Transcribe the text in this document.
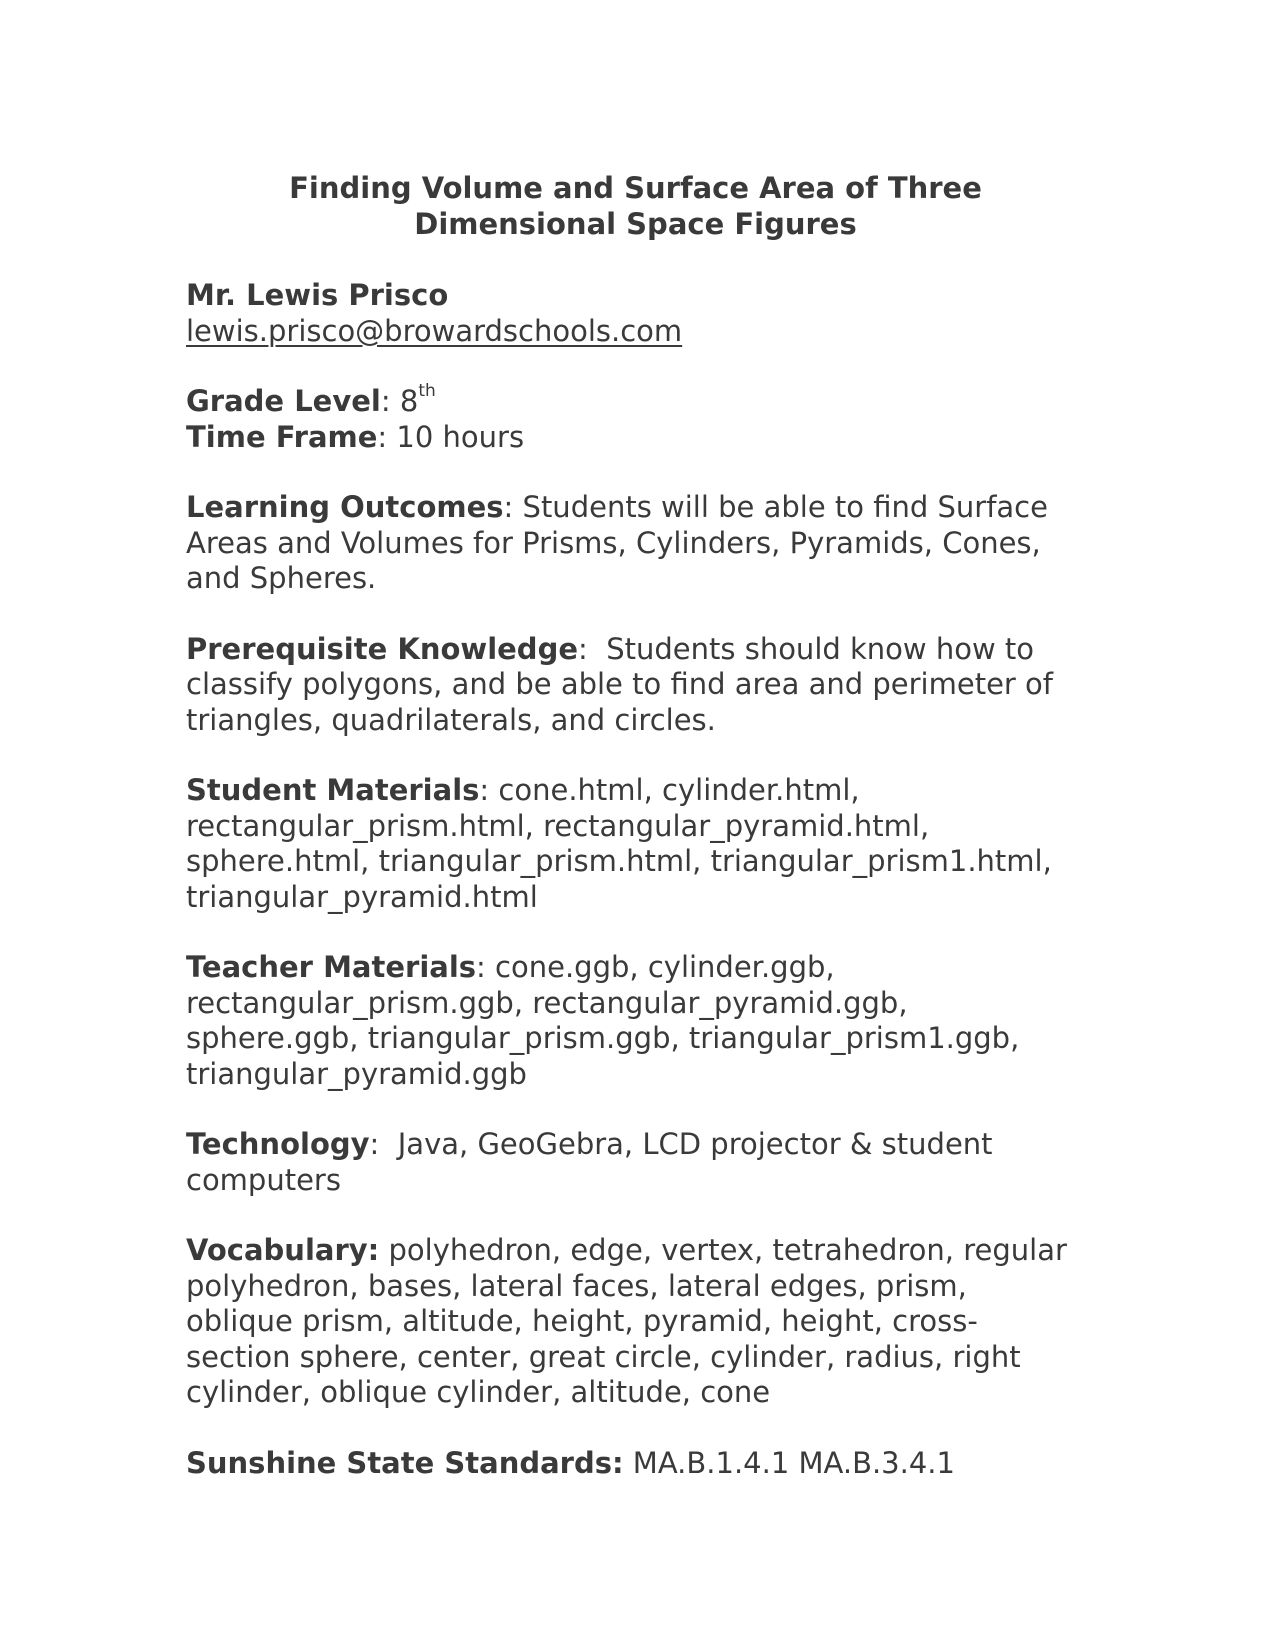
Finding Volume and Surface Area of Three
Dimensional Space Figures

Mr. Lewis Prisco
lewis.prisco@browardschools.com

Grade Level: 8th
Time Frame: 10 hours

Learning Outcomes: Students will be able to find Surface
Areas and Volumes for Prisms, Cylinders, Pyramids, Cones,
and Spheres.

Prerequisite Knowledge:  Students should know how to
classify polygons, and be able to find area and perimeter of
triangles, quadrilaterals, and circles.

Student Materials: cone.html, cylinder.html,
rectangular_prism.html, rectangular_pyramid.html,
sphere.html, triangular_prism.html, triangular_prism1.html,
triangular_pyramid.html

Teacher Materials: cone.ggb, cylinder.ggb,
rectangular_prism.ggb, rectangular_pyramid.ggb,
sphere.ggb, triangular_prism.ggb, triangular_prism1.ggb,
triangular_pyramid.ggb

Technology:  Java, GeoGebra, LCD projector & student
computers

Vocabulary: polyhedron, edge, vertex, tetrahedron, regular
polyhedron, bases, lateral faces, lateral edges, prism,
oblique prism, altitude, height, pyramid, height, cross-
section sphere, center, great circle, cylinder, radius, right
cylinder, oblique cylinder, altitude, cone

Sunshine State Standards: MA.B.1.4.1 MA.B.3.4.1
